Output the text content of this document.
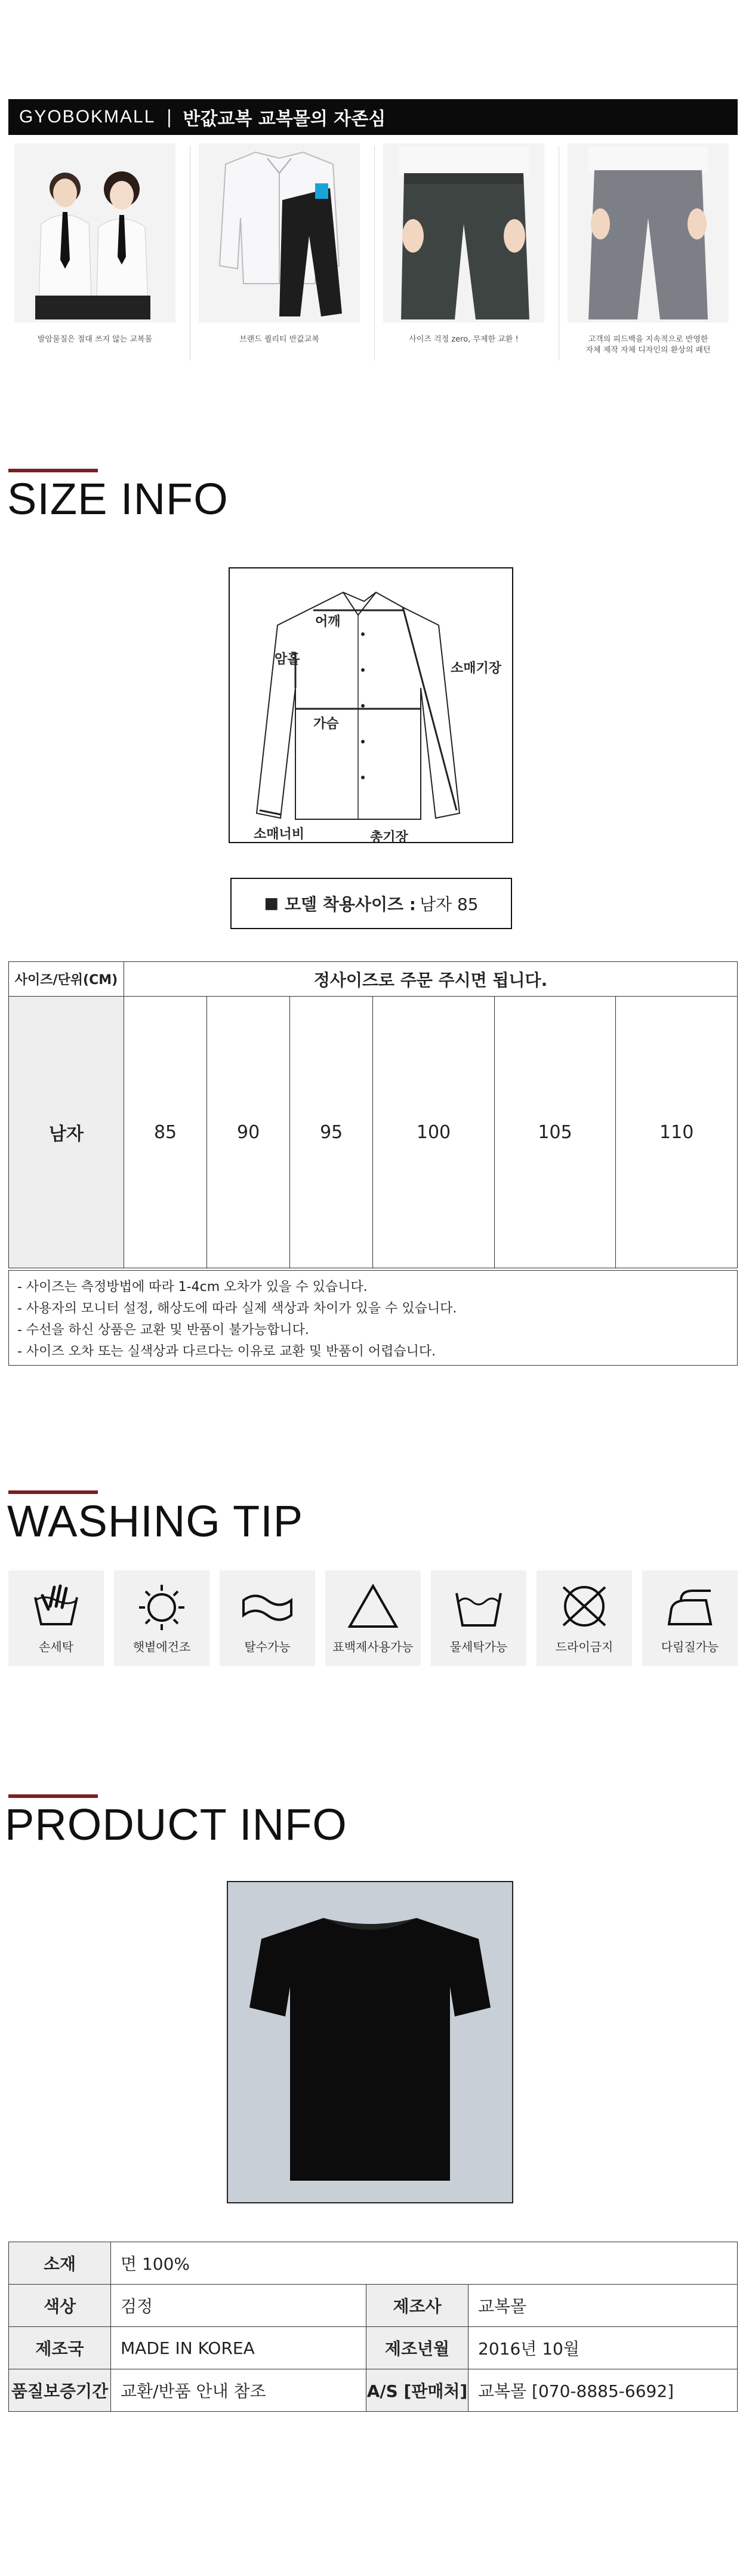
GYOBOKMALL | 반값교복 교복몰의 자존심
발암물질은 절대 쓰지 않는 교복몰	브랜드 퀄리티 반값교복	사이즈 걱정 zero, 무제한 교환 !	고객의 피드백을 지속적으로 반영한
자체 제작 자체 디자인의 환상의 패턴
SIZE INFO
어깨
암홀
소매기장
가슴
소매너비	총기장
■ 모델 착용사이즈 : 남자 85
사이즈/단위(CM)	정사이즈로 주문 주시면 됩니다.					
남자	85	90	95	100	105	110
- 사이즈는 측정방법에 따라 1-4cm 오차가 있을 수 있습니다.
- 사용자의 모니터 설정, 해상도에 따라 실제 색상과 차이가 있을 수 있습니다.
- 수선을 하신 상품은 교환 및 반품이 불가능합니다.
- 사이즈 오차 또는 실색상과 다르다는 이유로 교환 및 반품이 어렵습니다.
WASHING TIP
손세탁	햇볕에건조	탈수가능	표백제사용가능	물세탁가능	드라이금지	다림질가능
PRODUCT INFO
소재	면 100%		
색상	검정	제조사	교복몰
제조국	MADE IN KOREA	제조년월	2016년 10월
품질보증기간	교환/반품 안내 참조	A/S [판매처]	교복몰 [070-8885-6692]
